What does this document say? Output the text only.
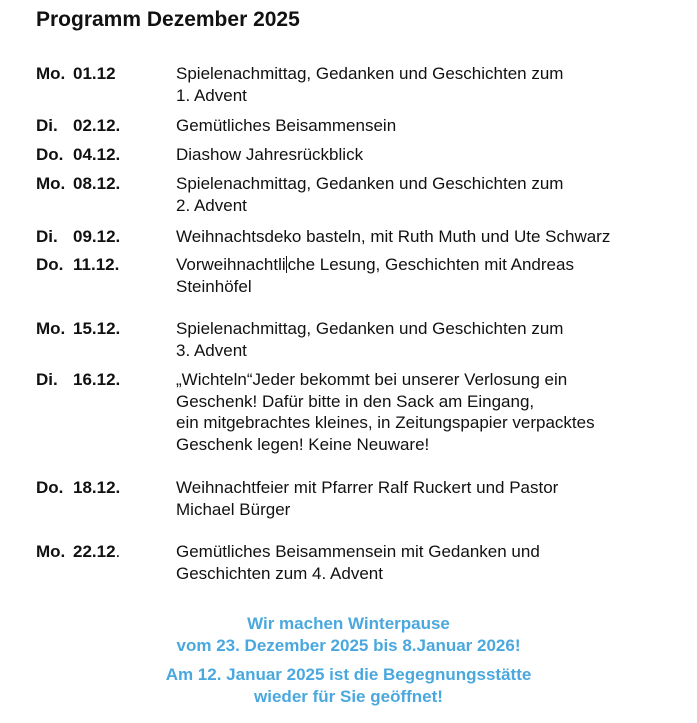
Programm Dezember 2025
Mo. 01.12	Spielenachmittag, Gedanken und Geschichten zum
1. Advent
Di. 02.12.	Gemütliches Beisammensein
Do. 04.12.	Diashow Jahresrückblick
Mo. 08.12.	Spielenachmittag, Gedanken und Geschichten zum
2. Advent
Di. 09.12.	Weihnachtsdeko basteln, mit Ruth Muth und Ute Schwarz
Do. 11.12.	Vorweihnachtli che Lesung, Geschichten mit Andreas
Steinhöfel
Mo. 15.12.	Spielenachmittag, Gedanken und Geschichten zum
3. Advent
Di. 16.12.	„Wichteln“Jeder bekommt bei unserer Verlosung ein
Geschenk! Dafür bitte in den Sack am Eingang,
ein mitgebrachtes kleines, in Zeitungspapier verpacktes
Geschenk legen! Keine Neuware!
Do. 18.12.	Weihnachtfeier mit Pfarrer Ralf Ruckert und Pastor
Michael Bürger
Mo. 22.12.	Gemütliches Beisammensein mit Gedanken und
Geschichten zum 4. Advent
Wir machen Winterpause
vom 23. Dezember 2025 bis 8.Januar 2026!
Am 12. Januar 2025 ist die Begegnungsstätte
wieder für Sie geöffnet!
